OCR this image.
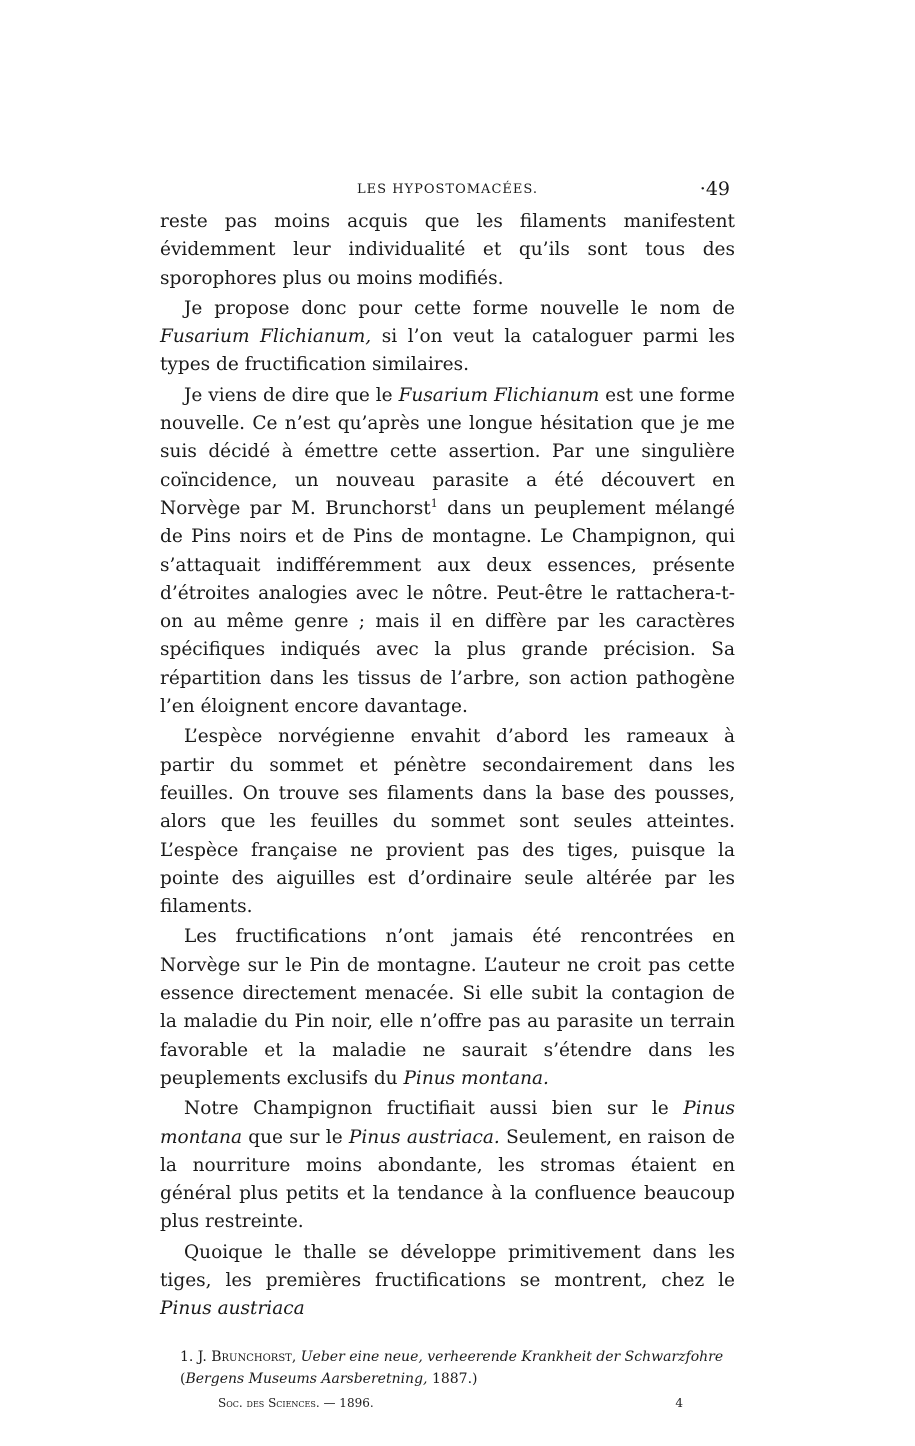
LES HYPOSTOMACÉES.	·49

reste pas moins acquis que les filaments manifestent évidemment leur individualité et qu’ils sont tous des sporophores plus ou moins modifiés.

Je propose donc pour cette forme nouvelle le nom de Fusarium Flichianum, si l’on veut la cataloguer parmi les types de fructification similaires.

Je viens de dire que le Fusarium Flichianum est une forme nouvelle. Ce n’est qu’après une longue hésitation que je me suis décidé à émettre cette assertion. Par une singulière coïncidence, un nouveau parasite a été découvert en Norvège par M. Brunchorst$^1$ dans un peuplement mélangé de Pins noirs et de Pins de montagne. Le Champignon, qui s’attaquait indifféremment aux deux essences, présente d’étroites analogies avec le nôtre. Peut-être le rattachera-t-on au même genre ; mais il en diffère par les caractères spécifiques indiqués avec la plus grande précision. Sa répartition dans les tissus de l’arbre, son action pathogène l’en éloignent encore davantage.

L’espèce norvégienne envahit d’abord les rameaux à partir du sommet et pénètre secondairement dans les feuilles. On trouve ses filaments dans la base des pousses, alors que les feuilles du sommet sont seules atteintes. L’espèce française ne provient pas des tiges, puisque la pointe des aiguilles est d’ordinaire seule altérée par les filaments.

Les fructifications n’ont jamais été rencontrées en Norvège sur le Pin de montagne. L’auteur ne croit pas cette essence directement menacée. Si elle subit la contagion de la maladie du Pin noir, elle n’offre pas au parasite un terrain favorable et la maladie ne saurait s’étendre dans les peuplements exclusifs du Pinus montana.

Notre Champignon fructifiait aussi bien sur le Pinus montana que sur le Pinus austriaca. Seulement, en raison de la nourriture moins abondante, les stromas étaient en général plus petits et la tendance à la confluence beaucoup plus restreinte.

Quoique le thalle se développe primitivement dans les tiges, les premières fructifications se montrent, chez le Pinus austriaca

1. J. Brunchorst, Ueber eine neue, verheerende Krankheit der Schwarzfohre
(Bergens Museums Aarsberetning, 1887.)
Soc. des Sciences. — 1896.	4
